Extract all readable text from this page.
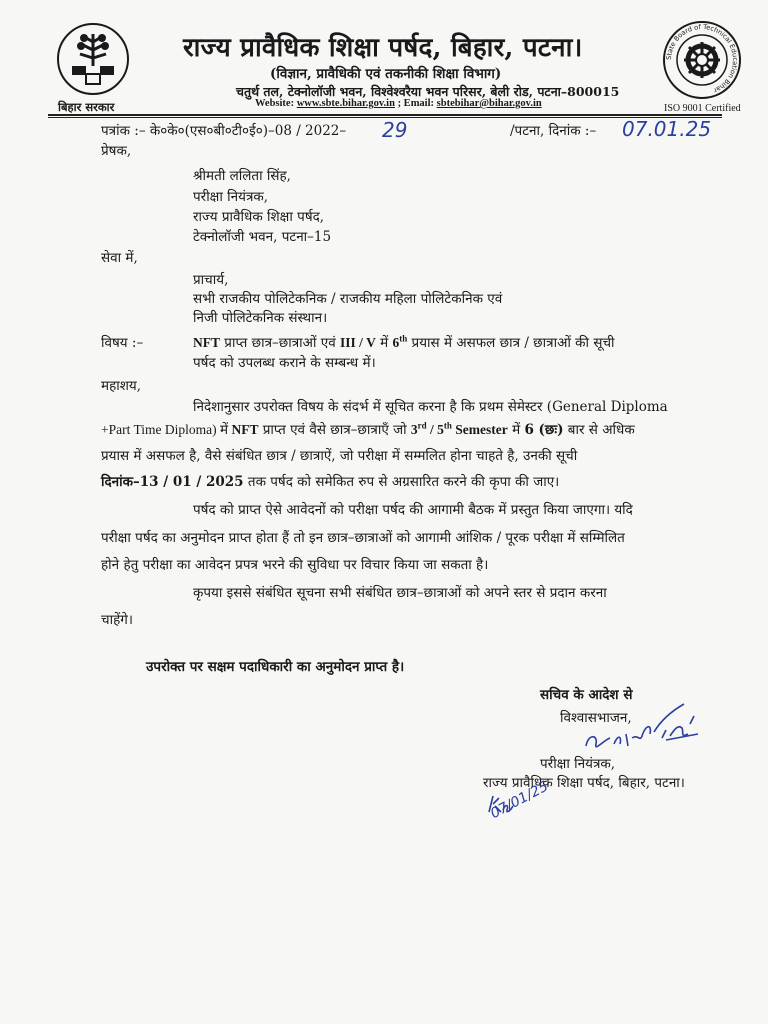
बिहार सरकार
राज्य प्रावैधिक शिक्षा पर्षद, बिहार, पटना।
(विज्ञान, प्रावैधिकी एवं तकनीकी शिक्षा विभाग)
चतुर्थ तल, टेक्नोलॉजी भवन, विश्वेश्वरैया भवन परिसर, बेली रोड, पटना–800015
Website: www.sbte.bihar.gov.in ; Email: sbtebihar@bihar.gov.in
State Board of Technical Education Bihar
ISO 9001 Certified
पत्रांक :– के०के०(एस०बी०टी०ई०)–08 / 2022– 29	/पटना, दिनांक :– 07.01.25
प्रेषक,
श्रीमती ललिता सिंह,
परीक्षा नियंत्रक,
राज्य प्रावैधिक शिक्षा पर्षद,
टेक्नोलॉजी भवन, पटना–15
सेवा में,
प्राचार्य,
सभी राजकीय पोलिटेकनिक / राजकीय महिला पोलिटेकनिक एवं
निजी पोलिटेकनिक संस्थान।
विषय :–	NFT प्राप्त छात्र–छात्राओं एवं III / V में 6th प्रयास में असफल छात्र / छात्राओं की सूची
पर्षद को उपलब्ध कराने के सम्बन्ध में।
महाशय,
निदेशानुसार उपरोक्त विषय के संदर्भ में सूचित करना है कि प्रथम सेमेस्टर (General Diploma
+Part Time Diploma) में NFT प्राप्त एवं वैसे छात्र–छात्राएँ जो 3rd / 5th Semester में 6 (छः) बार से अधिक
प्रयास में असफल है, वैसे संबंधित छात्र / छात्राऐं, जो परीक्षा में सम्मलित होना चाहते है, उनकी सूची
दिनांक–13 / 01 / 2025 तक पर्षद को समेकित रुप से अग्रसारित करने की कृपा की जाए।
पर्षद को प्राप्त ऐसे आवेदनों को परीक्षा पर्षद की आगामी बैठक में प्रस्तुत किया जाएगा। यदि
परीक्षा पर्षद का अनुमोदन प्राप्त होता हैं तो इन छात्र–छात्राओं को आगामी आंशिक / पूरक परीक्षा में सम्मिलित
होने हेतु परीक्षा का आवेदन प्रपत्र भरने की सुविधा पर विचार किया जा सकता है।
कृपया इससे संबंधित सूचना सभी संबंधित छात्र–छात्राओं को अपने स्तर से प्रदान करना
चाहेंगे।
उपरोक्त पर सक्षम पदाधिकारी का अनुमोदन प्राप्त है।
सचिव के आदेश से
विश्वासभाजन,
परीक्षा नियंत्रक,
राज्य प्रावैधिक शिक्षा पर्षद, बिहार, पटना।
07/01/25
